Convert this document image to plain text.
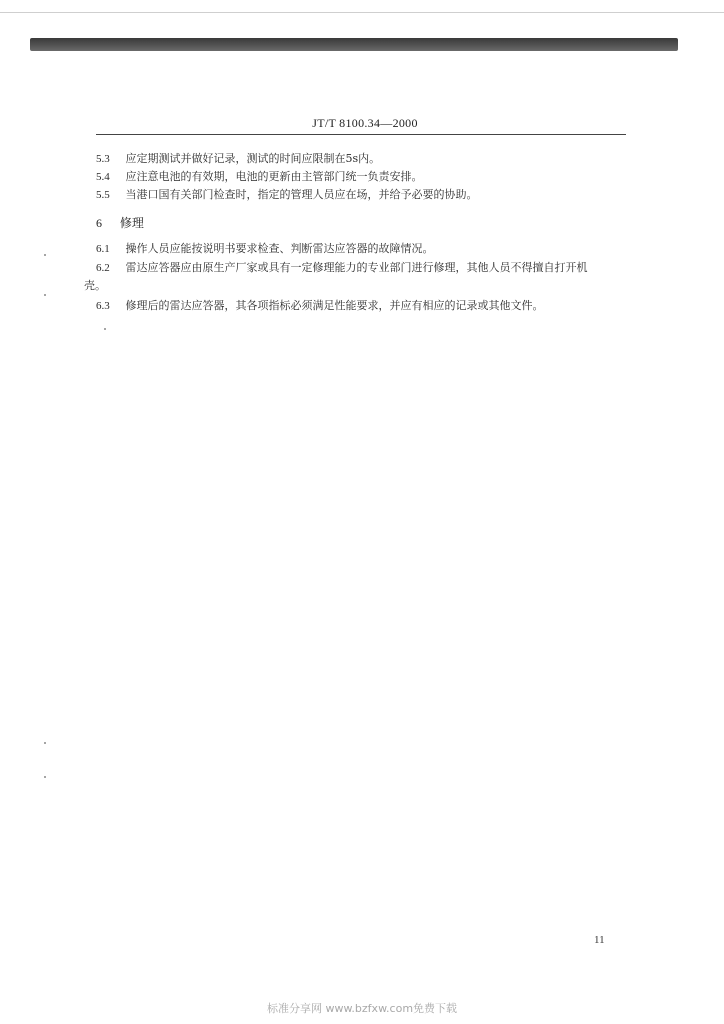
JT/T 8100.34—2000
5.3 应定期测试并做好记录，测试的时间应限制在5s内。
5.4 应注意电池的有效期，电池的更新由主管部门统一负责安排。
5.5 当港口国有关部门检查时，指定的管理人员应在场，并给予必要的协助。
6 修理
6.1 操作人员应能按说明书要求检查、判断雷达应答器的故障情况。
6.2 雷达应答器应由原生产厂家或具有一定修理能力的专业部门进行修理，其他人员不得擅自打开机
壳。
6.3 修理后的雷达应答器，其各项指标必须满足性能要求，并应有相应的记录或其他文件。
11
标准分享网 www.bzfxw.com免费下载
